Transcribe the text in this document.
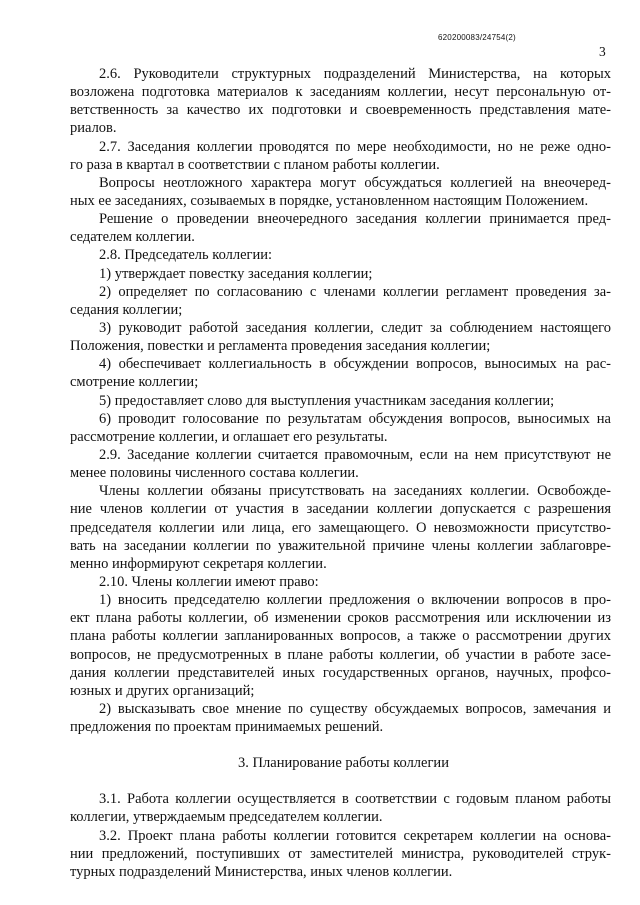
620200083/24754(2)
3
2.6. Руководители структурных подразделений Министерства, на которых
возложена подготовка материалов к заседаниям коллегии, несут персональную от-
ветственность за качество их подготовки и своевременность представления мате-
риалов.
2.7. Заседания коллегии проводятся по мере необходимости, но не реже одно-
го раза в квартал в соответствии с планом работы коллегии.
Вопросы неотложного характера могут обсуждаться коллегией на внеочеред-
ных ее заседаниях, созываемых в порядке, установленном настоящим Положением.
Решение о проведении внеочередного заседания коллегии принимается пред-
седателем коллегии.
2.8. Председатель коллегии:
1) утверждает повестку заседания коллегии;
2) определяет по согласованию с членами коллегии регламент проведения за-
седания коллегии;
3) руководит работой заседания коллегии, следит за соблюдением настоящего
Положения, повестки и регламента проведения заседания коллегии;
4) обеспечивает коллегиальность в обсуждении вопросов, выносимых на рас-
смотрение коллегии;
5) предоставляет слово для выступления участникам заседания коллегии;
6) проводит голосование по результатам обсуждения вопросов, выносимых на
рассмотрение коллегии, и оглашает его результаты.
2.9. Заседание коллегии считается правомочным, если на нем присутствуют не
менее половины численного состава коллегии.
Члены коллегии обязаны присутствовать на заседаниях коллегии. Освобожде-
ние членов коллегии от участия в заседании коллегии допускается с разрешения
председателя коллегии или лица, его замещающего. О невозможности присутство-
вать на заседании коллегии по уважительной причине члены коллегии заблаговре-
менно информируют секретаря коллегии.
2.10. Члены коллегии имеют право:
1) вносить председателю коллегии предложения о включении вопросов в про-
ект плана работы коллегии, об изменении сроков рассмотрения или исключении из
плана работы коллегии запланированных вопросов, а также о рассмотрении других
вопросов, не предусмотренных в плане работы коллегии, об участии в работе засе-
дания коллегии представителей иных государственных органов, научных, профсо-
юзных и других организаций;
2) высказывать свое мнение по существу обсуждаемых вопросов, замечания и
предложения по проектам принимаемых решений.
3. Планирование работы коллегии
3.1. Работа коллегии осуществляется в соответствии с годовым планом работы
коллегии, утверждаемым председателем коллегии.
3.2. Проект плана работы коллегии готовится секретарем коллегии на основа-
нии предложений, поступивших от заместителей министра, руководителей струк-
турных подразделений Министерства, иных членов коллегии.
